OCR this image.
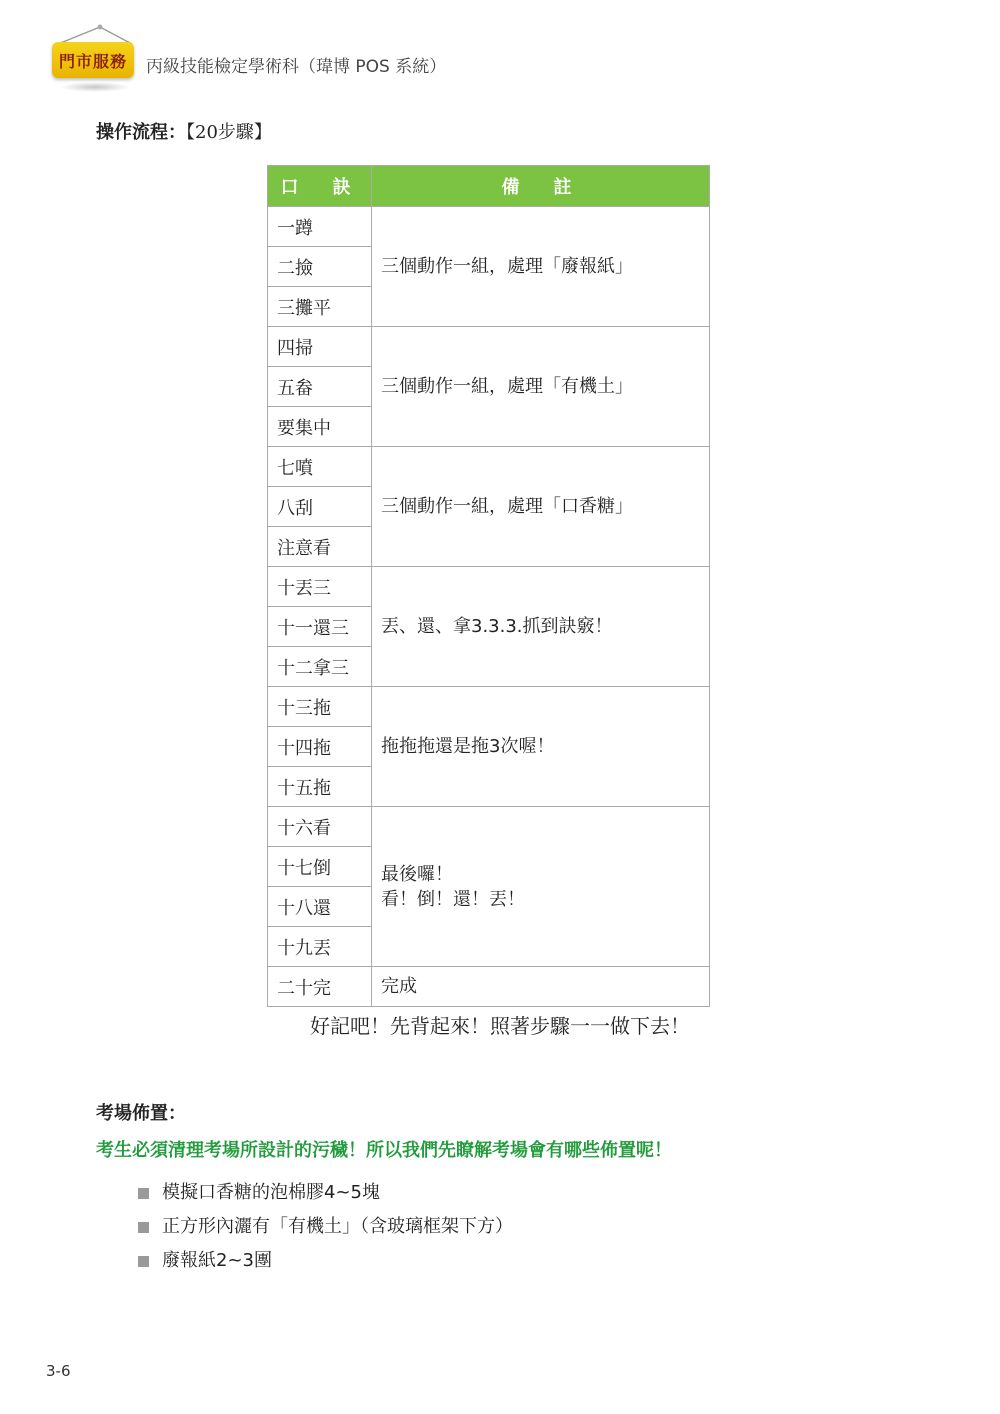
門市服務 丙級技能檢定學術科（瑋博 POS 系統）
操作流程：【20步驟】
口　訣	備　註
一蹲	三個動作一組，處理「廢報紙」

二撿	
三攤平	
四掃	三個動作一組，處理「有機土」

五畚	
要集中	
七噴	三個動作一組，處理「口香糖」

八刮	
注意看	
十丟三	丟、還、拿3.3.3.抓到訣竅！

十一還三	
十二拿三	
十三拖	拖拖拖還是拖3次喔！

十四拖	
十五拖	
十六看	最後囉！
看！倒！還！丟！

十七倒	
十八還	
十九丟	
二十完	完成
好記吧！先背起來！照著步驟一一做下去！
考場佈置：
考生必須清理考場所設計的污穢！所以我們先瞭解考場會有哪些佈置呢！
模擬口香糖的泡棉膠4~5塊
正方形內灑有「有機土」（含玻璃框架下方）
廢報紙2~3團
3-6
